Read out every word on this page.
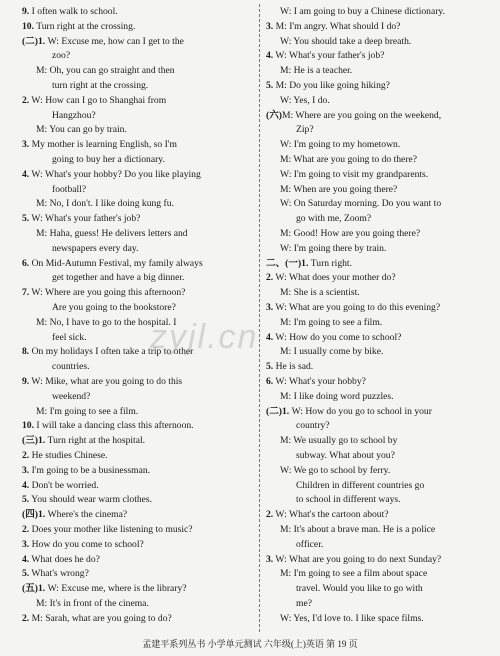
9. I often walk to school.
10. Turn right at the crossing.
(二)1. W: Excuse me, how can I get to the
zoo?
M: Oh, you can go straight and then
turn right at the crossing.
2. W: How can I go to Shanghai from
Hangzhou?
M: You can go by train.
3. My mother is learning English, so I'm
going to buy her a dictionary.
4. W: What's your hobby? Do you like playing
football?
M: No, I don't. I like doing kung fu.
5. W: What's your father's job?
M: Haha, guess! He delivers letters and
newspapers every day.
6. On Mid-Autumn Festival, my family always
get together and have a big dinner.
7. W: Where are you going this afternoon?
Are you going to the bookstore?
M: No, I have to go to the hospital. I
feel sick.
8. On my holidays I often take a trip to other
countries.
9. W: Mike, what are you going to do this
weekend?
M: I'm going to see a film.
10. I will take a dancing class this afternoon.
(三)1. Turn right at the hospital.
2. He studies Chinese.
3. I'm going to be a businessman.
4. Don't be worried.
5. You should wear warm clothes.
(四)1. Where's the cinema?
2. Does your mother like listening to music?
3. How do you come to school?
4. What does he do?
5. What's wrong?
(五)1. W: Excuse me, where is the library?
M: It's in front of the cinema.
2. M: Sarah, what are you going to do?
W: I am going to buy a Chinese dictionary.
3. M: I'm angry. What should I do?
W: You should take a deep breath.
4. W: What's your father's job?
M: He is a teacher.
5. M: Do you like going hiking?
W: Yes, I do.
(六)M: Where are you going on the weekend,
Zip?
W: I'm going to my hometown.
M: What are you going to do there?
W: I'm going to visit my grandparents.
M: When are you going there?
W: On Saturday morning. Do you want to
go with me, Zoom?
M: Good! How are you going there?
W: I'm going there by train.
二、(一)1. Turn right.
2. W: What does your mother do?
M: She is a scientist.
3. W: What are you going to do this evening?
M: I'm going to see a film.
4. W: How do you come to school?
M: I usually come by bike.
5. He is sad.
6. W: What's your hobby?
M: I like doing word puzzles.
(二)1. W: How do you go to school in your
country?
M: We usually go to school by
subway. What about you?
W: We go to school by ferry.
Children in different countries go
to school in different ways.
2. W: What's the cartoon about?
M: It's about a brave man. He is a police
officer.
3. W: What are you going to do next Sunday?
M: I'm going to see a film about space
travel. Would you like to go with
me?
W: Yes, I'd love to. I like space films.
zyjl.cn
孟建平系列丛书 小学单元测试 六年级(上)英语 第 19 页
